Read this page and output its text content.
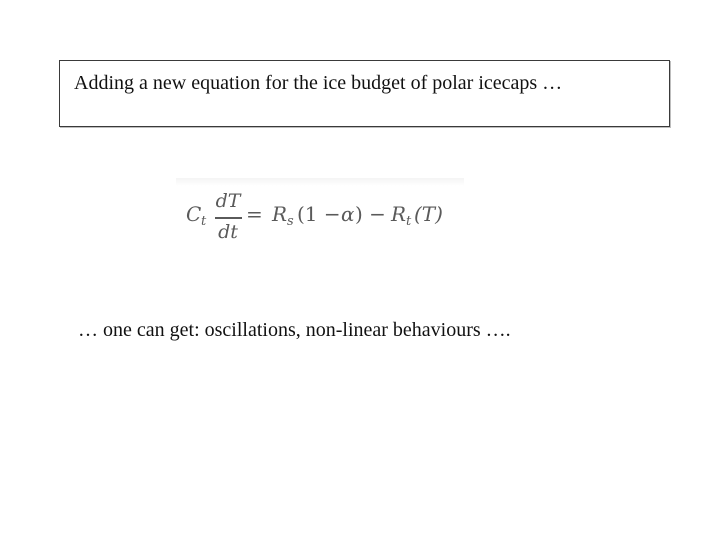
Adding a new equation for the ice budget of polar icecaps …
C t
dT
dt
= R s (1 − α ) − R t (T)
… one can get: oscillations, non-linear behaviours ….
